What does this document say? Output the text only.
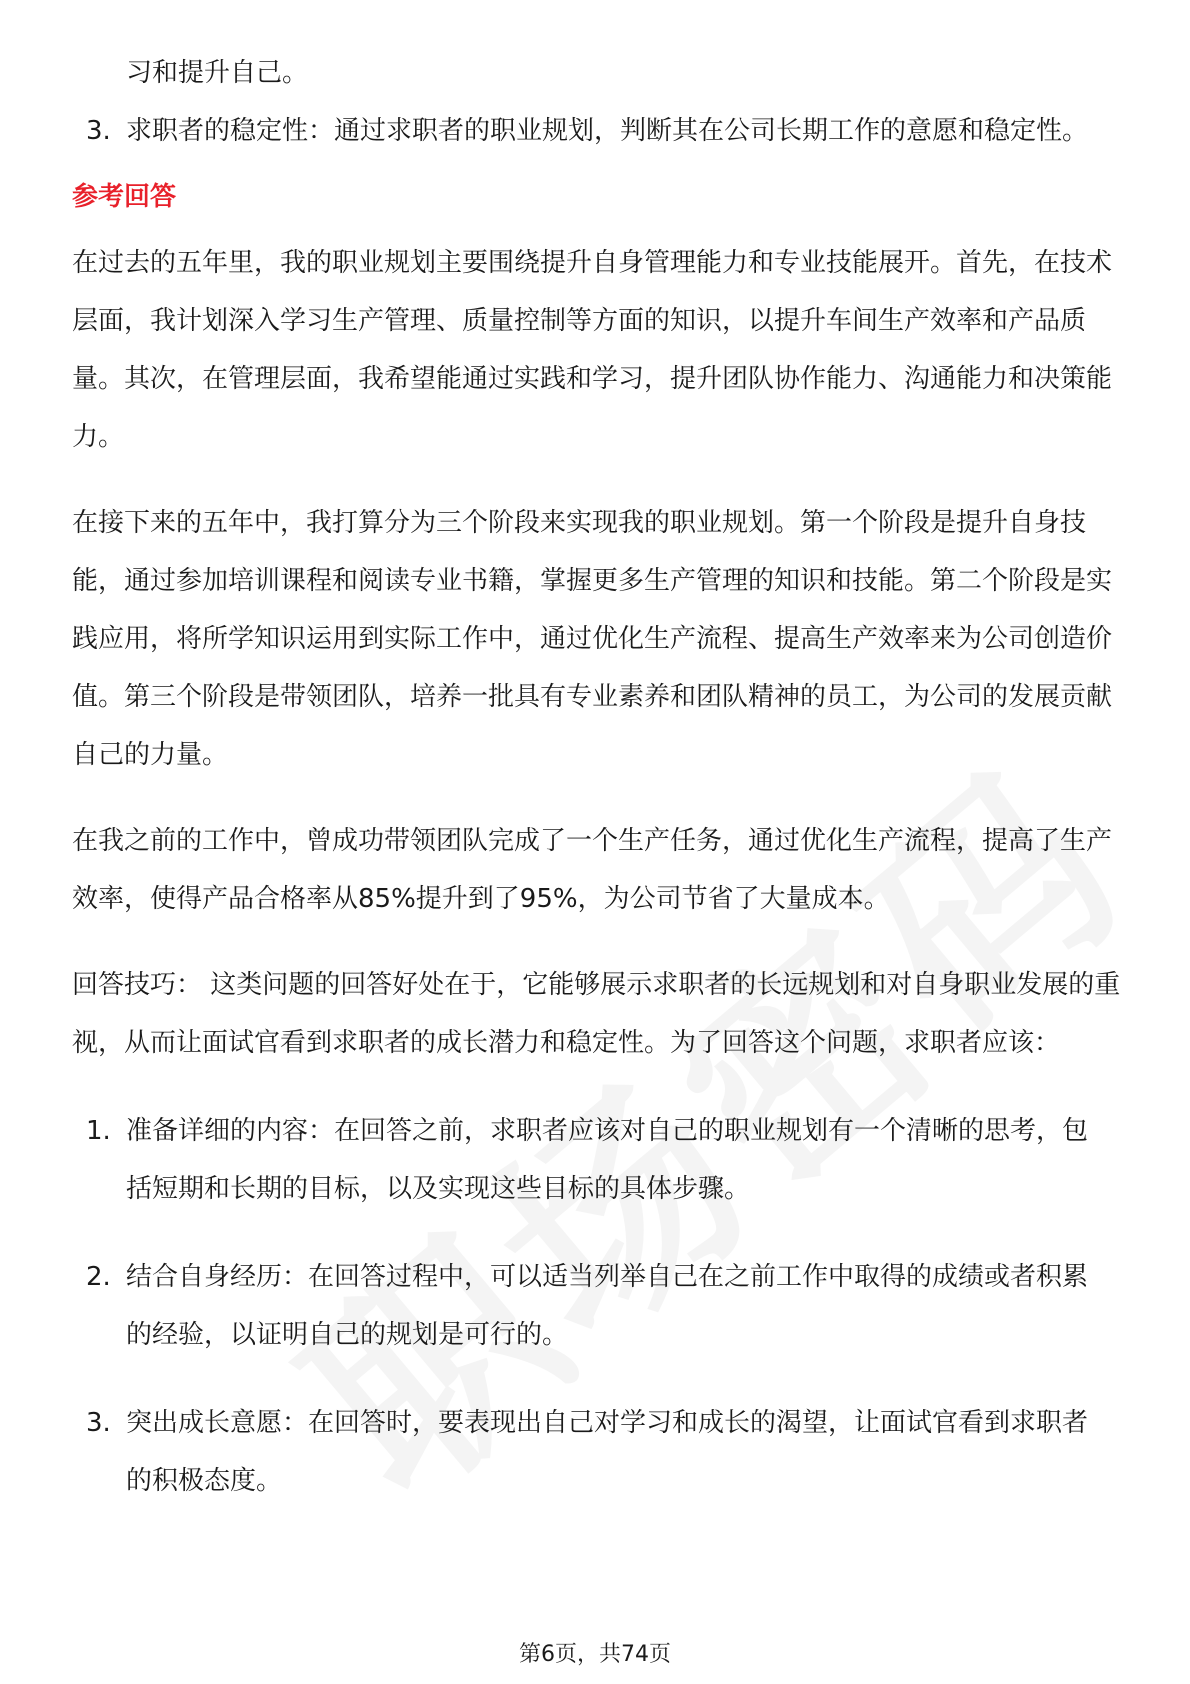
习和提升自己。
3. 求职者的稳定性：通过求职者的职业规划，判断其在公司长期工作的意愿和稳定性。

参考回答

在过去的五年里，我的职业规划主要围绕提升自身管理能力和专业技能展开。首先，在技术层面，我计划深入学习生产管理、质量控制等方面的知识，以提升车间生产效率和产品质量。其次，在管理层面，我希望能通过实践和学习，提升团队协作能力、沟通能力和决策能力。

在接下来的五年中，我打算分为三个阶段来实现我的职业规划。第一个阶段是提升自身技能，通过参加培训课程和阅读专业书籍，掌握更多生产管理的知识和技能。第二个阶段是实践应用，将所学知识运用到实际工作中，通过优化生产流程、提高生产效率来为公司创造价值。第三个阶段是带领团队，培养一批具有专业素养和团队精神的员工，为公司的发展贡献自己的力量。

在我之前的工作中，曾成功带领团队完成了一个生产任务，通过优化生产流程，提高了生产效率，使得产品合格率从85%提升到了95%，为公司节省了大量成本。

回答技巧： 这类问题的回答好处在于，它能够展示求职者的长远规划和对自身职业发展的重视，从而让面试官看到求职者的成长潜力和稳定性。为了回答这个问题，求职者应该：

1. 准备详细的内容：在回答之前，求职者应该对自己的职业规划有一个清晰的思考，包括短期和长期的目标，以及实现这些目标的具体步骤。
2. 结合自身经历：在回答过程中，可以适当列举自己在之前工作中取得的成绩或者积累的经验，以证明自己的规划是可行的。
3. 突出成长意愿：在回答时，要表现出自己对学习和成长的渴望，让面试官看到求职者的积极态度。
第6页，共74页
